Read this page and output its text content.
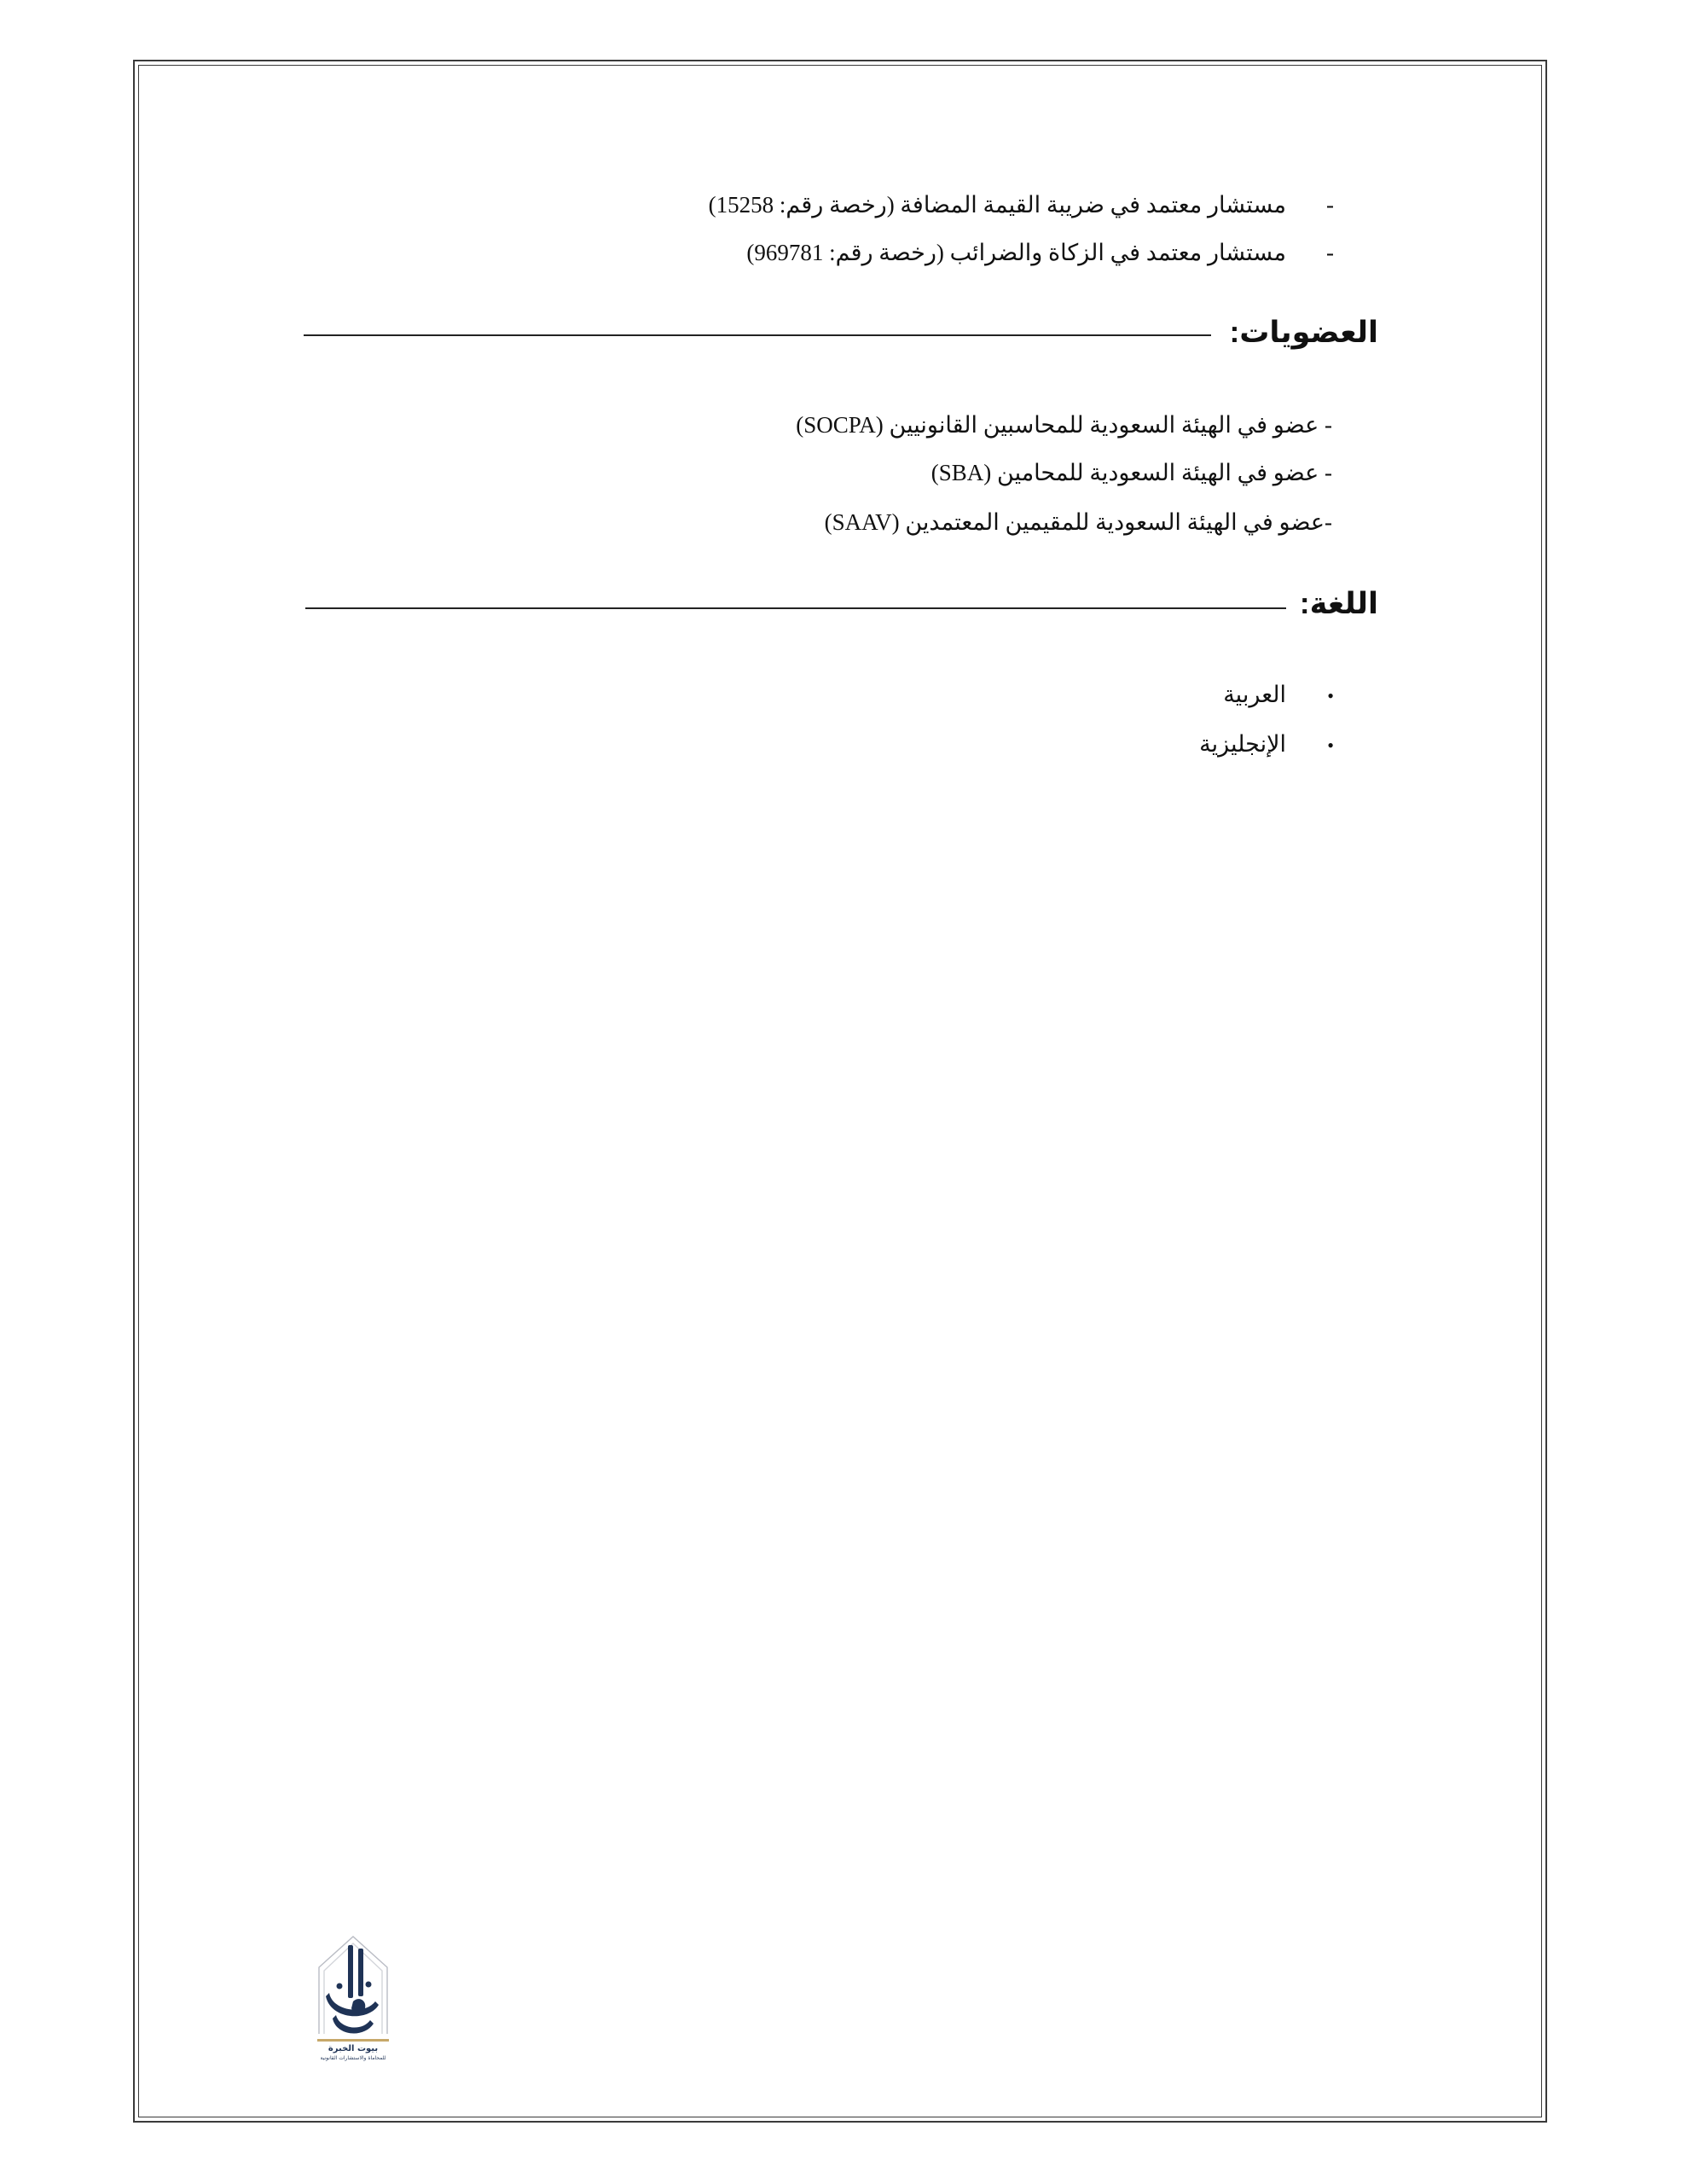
-مستشار معتمد في ضريبة القيمة المضافة (رخصة رقم: 15258)
-مستشار معتمد في الزكاة والضرائب (رخصة رقم: 969781)
العضويات:
- عضو في الهيئة السعودية للمحاسبين القانونيين (SOCPA)
- عضو في الهيئة السعودية للمحامين (SBA)
-عضو في الهيئة السعودية للمقيمين المعتمدين (SAAV)
اللغة:
•العربية
•الإنجليزية
بيوت الخبرة
للمحاماة والاستشارات القانونية
